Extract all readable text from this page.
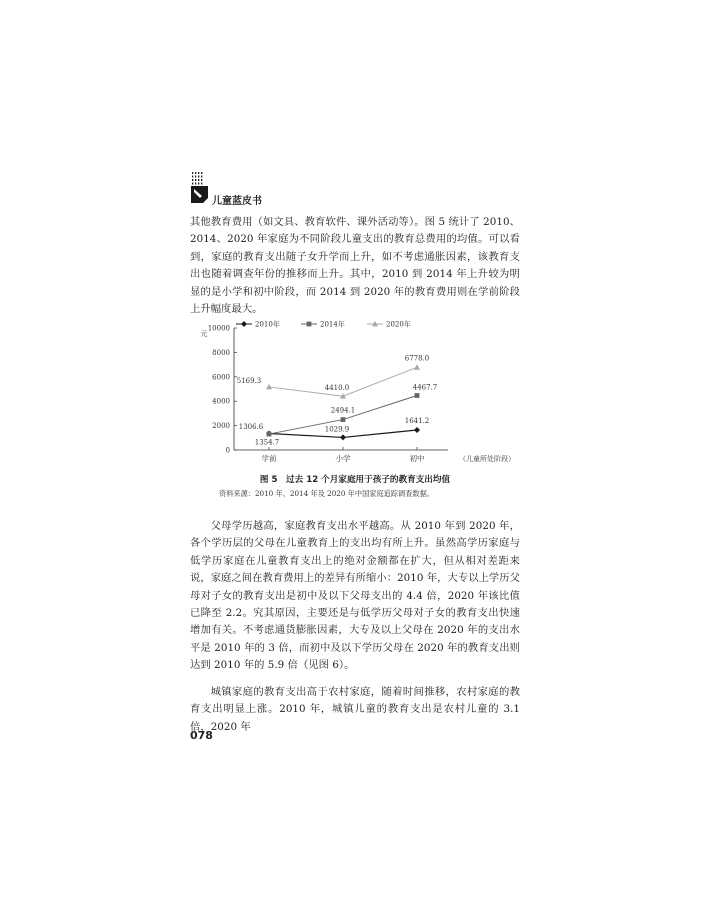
儿童蓝皮书

其他教育费用（如文具、教育软件、课外活动等）。图 5 统计了 2010、2014、2020 年家庭为不同阶段儿童支出的教育总费用的均值。可以看到，家庭的教育支出随子女升学而上升，如不考虑通胀因素，该教育支出也随着调查年份的推移而上升。其中，2010 到 2014 年上升较为明显的是小学和初中阶段，而 2014 到 2020 年的教育费用则在学前阶段上升幅度最大。

0
2000
4000
6000
8000
10000
元
学前	小学	初中	（儿童所处阶段）
1354.7
1029.9
1641.2
1306.6
2494.1
4467.7
5169.3
4410.0
6778.0
2010年	2014年	2020年
图 5　过去 12 个月家庭用于孩子的教育支出均值
资料来源：2010 年、2014 年及 2020 年中国家庭追踪调查数据。

父母学历越高，家庭教育支出水平越高。从 2010 年到 2020 年，各个学历层的父母在儿童教育上的支出均有所上升。虽然高学历家庭与低学历家庭在儿童教育支出上的绝对金额都在扩大，但从相对差距来说，家庭之间在教育费用上的差异有所缩小：2010 年，大专以上学历父母对子女的教育支出是初中及以下父母支出的 4.4 倍，2020 年该比值已降至 2.2。究其原因，主要还是与低学历父母对子女的教育支出快速增加有关。不考虑通货膨胀因素，大专及以上父母在 2020 年的支出水平是 2010 年的 3 倍，而初中及以下学历父母在 2020 年的教育支出则达到 2010 年的 5.9 倍（见图 6）。

城镇家庭的教育支出高于农村家庭，随着时间推移，农村家庭的教育支出明显上涨。2010 年，城镇儿童的教育支出是农村儿童的 3.1 倍，2020 年

078
